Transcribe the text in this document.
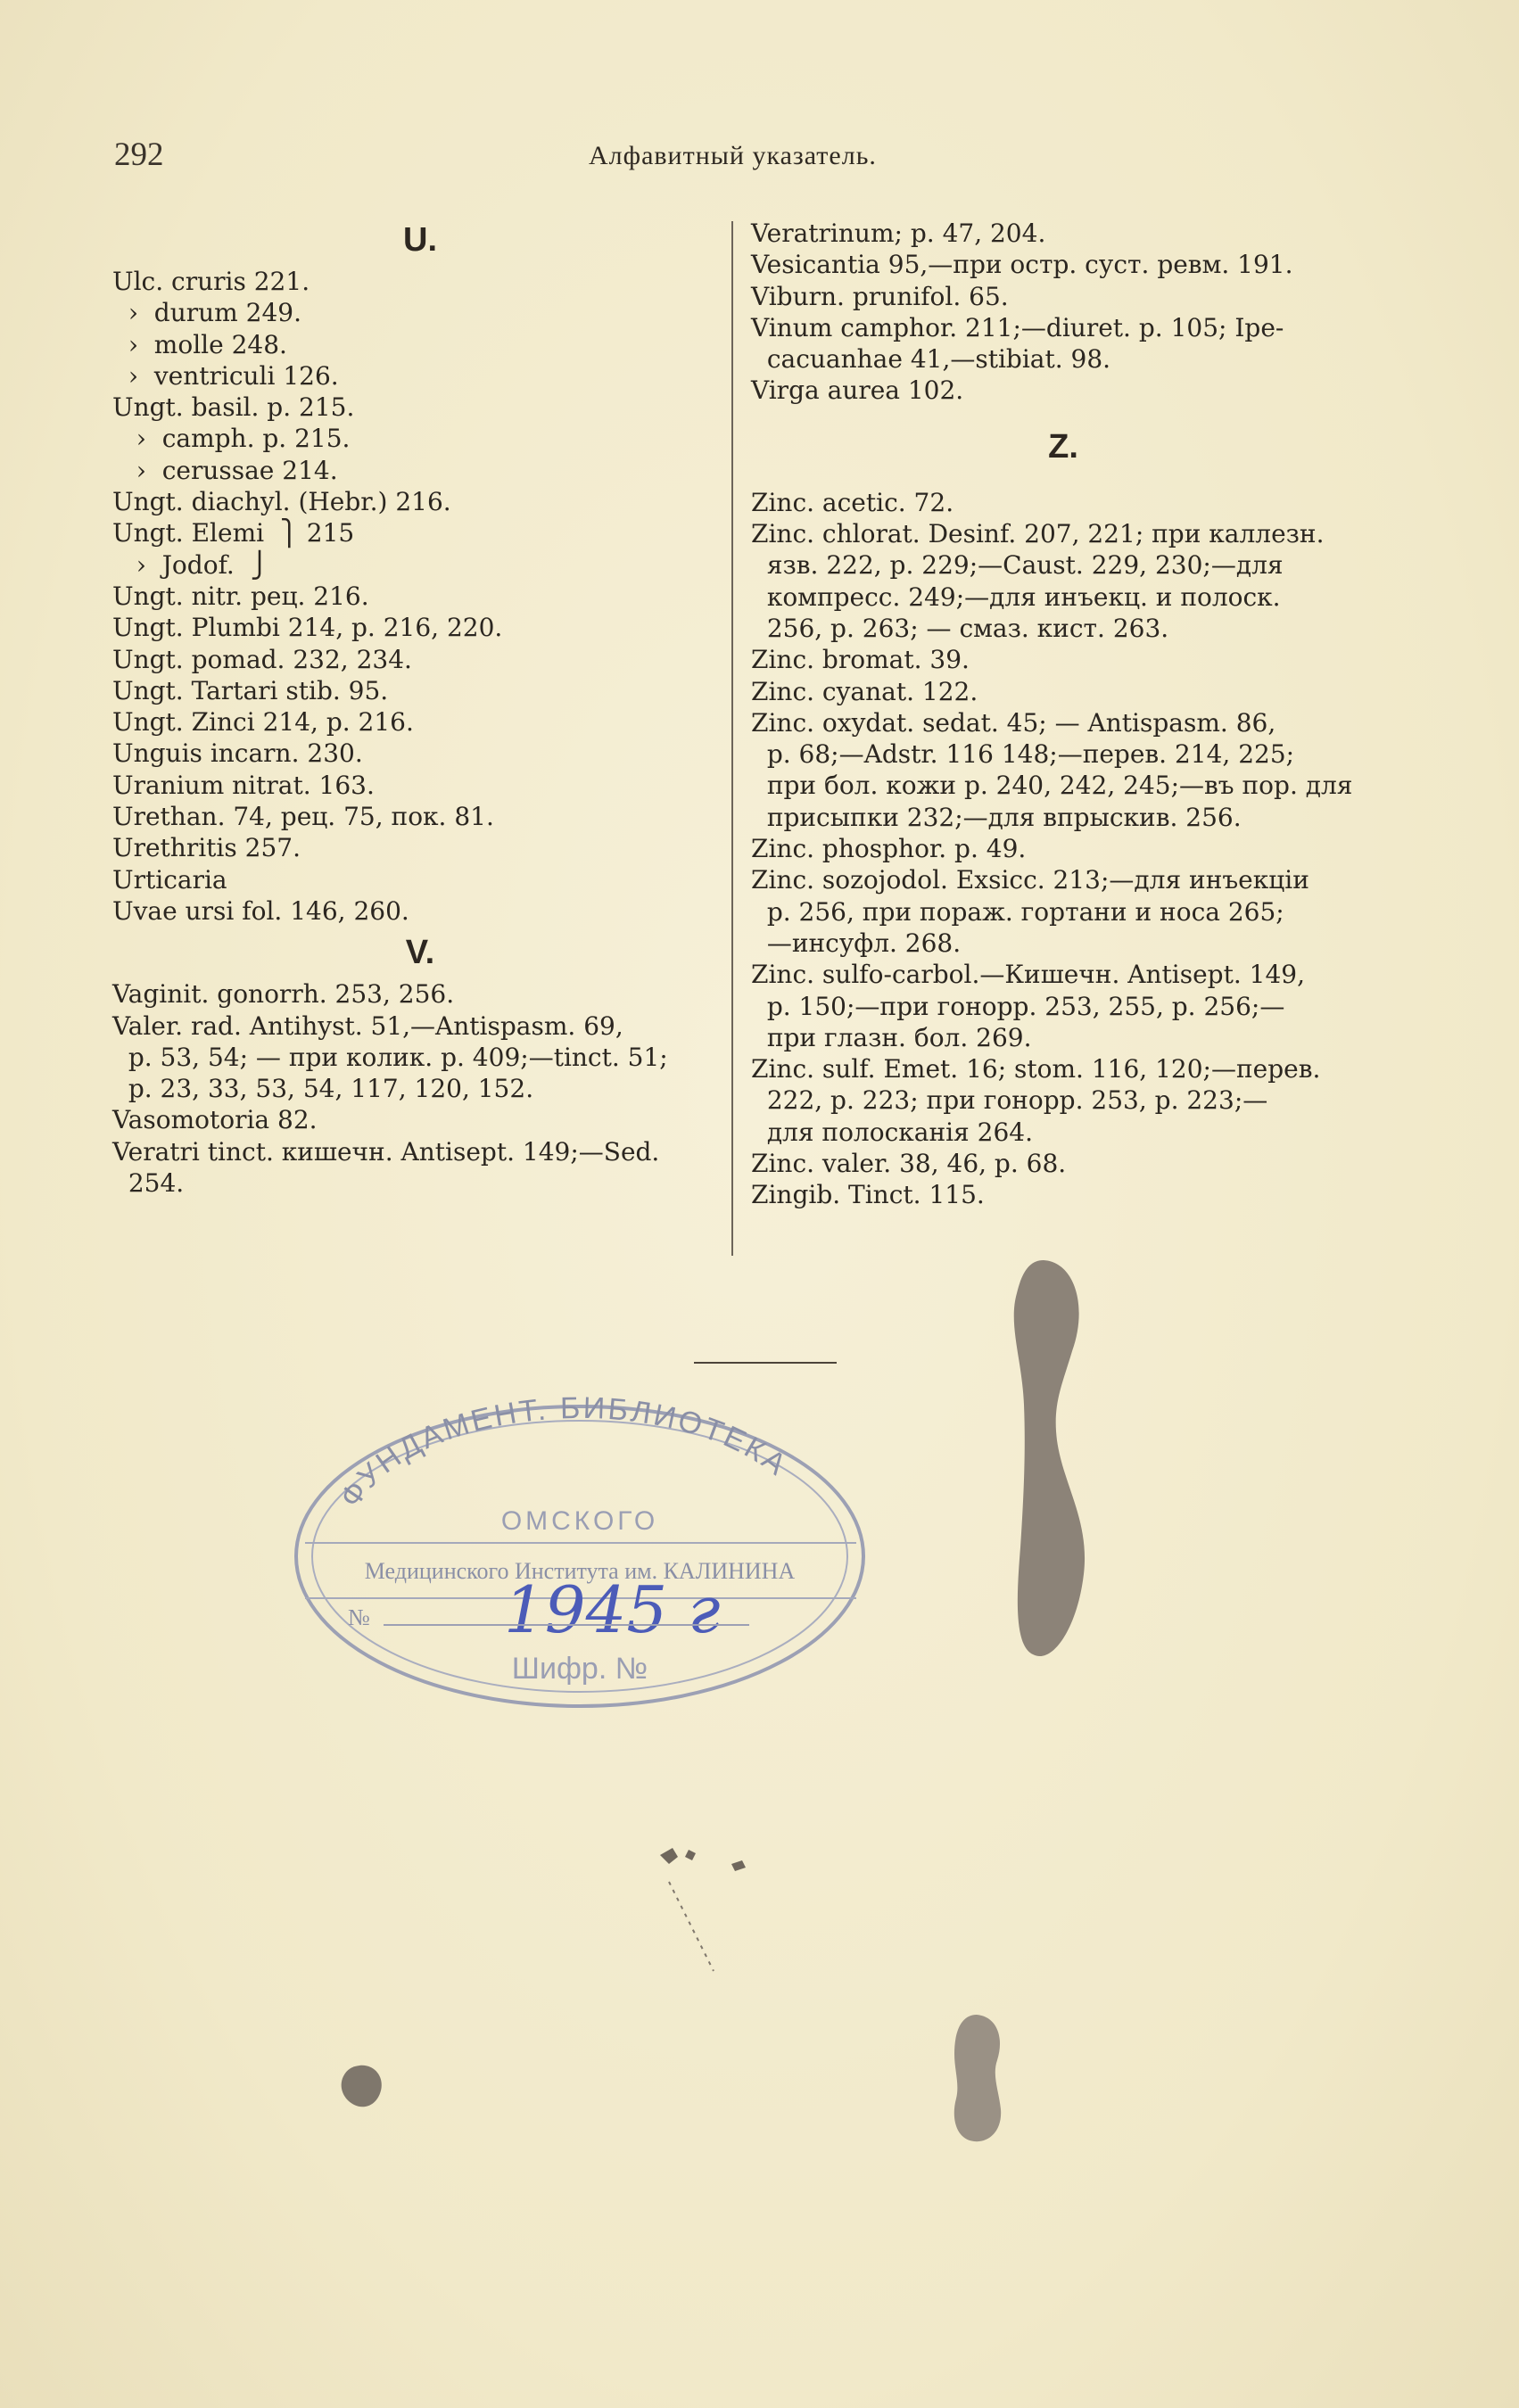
292	Алфавитный указатель.
U.
Ulc. cruris 221.
›  durum 249.
›  molle 248.
›  ventriculi 126.
Ungt. basil. p. 215.
›  camph. p. 215.
›  cerussae 214.
Ungt. diachyl. (Hebr.) 216.
Ungt. Elemi  ⎫ 215
›  Jodof.  ⎭
Ungt. nitr. рец. 216.
Ungt. Plumbi 214, p. 216, 220.
Ungt. pomad. 232, 234.
Ungt. Tartari stib. 95.
Ungt. Zinci 214, p. 216.
Unguis incarn. 230.
Uranium nitrat. 163.
Urethan. 74, рец. 75, пок. 81.
Urethritis 257.
Urticaria
Uvae ursi fol. 146, 260.
V.
Vaginit. gonorrh. 253, 256.
Valer. rad. Antihyst. 51,—Antispasm. 69,
p. 53, 54; — при колик. p. 409;—tinct. 51;
p. 23, 33, 53, 54, 117, 120, 152.
Vasomotoria 82.
Veratri tinct. кишечн. Antisept. 149;—Sed.
254.
Veratrinum; p. 47, 204.
Vesicantia 95,—при остр. суст. ревм. 191.
Viburn. prunifol. 65.
Vinum camphor. 211;—diuret. p. 105; Ipe-
cacuanhae 41,—stibiat. 98.
Virga aurea 102.
Z.
Zinc. acetic. 72.
Zinc. chlorat. Desinf. 207, 221; при каллезн.
язв. 222, p. 229;—Caust. 229, 230;—для
компресс. 249;—для инъекц. и полоск.
256, p. 263; — смаз. кист. 263.
Zinc. bromat. 39.
Zinc. cyanat. 122.
Zinc. oxydat. sedat. 45; — Antispasm. 86,
p. 68;—Adstr. 116 148;—перев. 214, 225;
при бол. кожи p. 240, 242, 245;—въ пор. для
присыпки 232;—для впрыскив. 256.
Zinc. phosphor. p. 49.
Zinc. sozojodol. Exsicc. 213;—для инъекцiи
p. 256, при пораж. гортани и носа 265;
—инсуфл. 268.
Zinc. sulfo-carbol.—Кишечн. Antisept. 149,
p. 150;—при гонорр. 253, 255, p. 256;—
при глазн. бол. 269.
Zinc. sulf. Emet. 16; stom. 116, 120;—перев.
222, p. 223; при гонорр. 253, p. 223;—
для полосканiя 264.
Zinc. valer. 38, 46, p. 68.
Zingib. Tinct. 115.
ФУНДАМЕНТ. БИБЛИОТЕКА
ОМСКОГО
Медицинского Института им. КАЛИНИНА
№ 1945 г
Шифр. №
